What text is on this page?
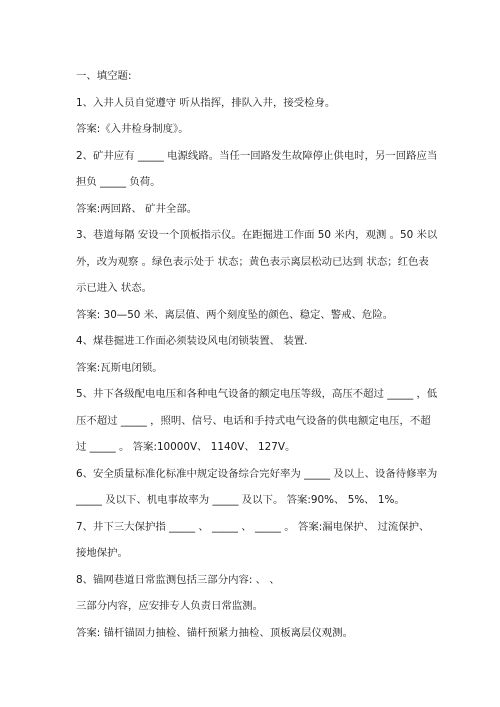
一、填空题:
1、入井人员自觉遵守 听从指挥，排队入井，接受检身。
答案:《入井检身制度》。
2、矿井应有 _____ 电源线路。当任一回路发生故障停止供电时，另一回路应当
担负 _____ 负荷。
答案:两回路、 矿井全部。
3、巷道每隔 安设一个顶板指示仪。在距掘进工作面 50 米内，观测 。50 米以
外，改为观察 。绿色表示处于 状态；黄色表示离层松动已达到 状态；红色表
示已进入 状态。
答案: 30—50 米、离层值、两个刻度坠的颜色、稳定、警戒、危险。
4、煤巷掘进工作面必须装设风电闭锁装置、 装置.
答案:瓦斯电闭锁。
5、井下各级配电电压和各种电气设备的额定电压等级，高压不超过 _____ ，低
压不超过 _____ ，照明、信号、电话和手持式电气设备的供电额定电压，不超
过 _____ 。 答案:10000V、 1140V、 127V。
6、安全质量标准化标准中规定设备综合完好率为 _____ 及以上、设备待修率为
_____ 及以下、机电事故率为 _____ 及以下。 答案:90%、 5%、 1%。
7、井下三大保护指 _____ 、 _____ 、 _____ 。 答案:漏电保护、 过流保护、
接地保护。
8、锚网巷道日常监测包括三部分内容: 、 、
三部分内容，应安排专人负责日常监测。
答案: 锚杆锚固力抽检、锚杆预紧力抽检、顶板离层仪观测。
